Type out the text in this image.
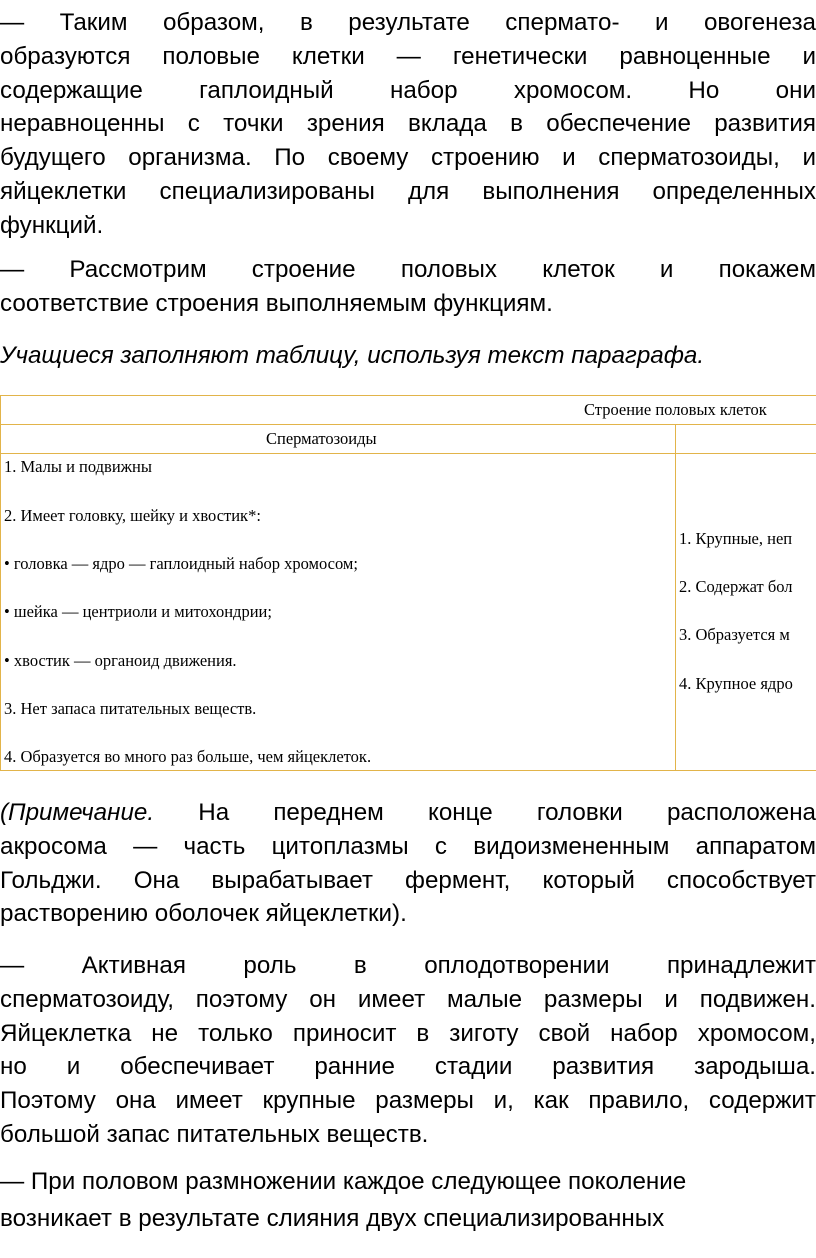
— Таким образом, в результате сперматo- и овогенеза
образуются половые клетки — генетически равноценные и
содержащие гаплоидный набор хромосом. Но они
неравноценны с точки зрения вклада в обеспечение развития
будущего организма. По своему строению и сперматозоиды, и
яйцеклетки специализированы для выполнения определенных
функций.
— Рассмотрим строение половых клеток и покажем
соответствие строения выполняемым функциям.
Учащиеся заполняют таблицу, используя текст параграфа.
Строение половых клеток
Сперматозоиды
1. Малы и подвижны
2. Имеет головку, шейку и хвостик*:
• головка — ядро — гаплоидный набор хромосом;
• шейка — центриоли и митохондрии;
• хвостик — органоид движения.
3. Нет запаса питательных веществ.
4. Образуется во много раз больше, чем яйцеклеток.
1. Крупные, неп
2. Содержат бол
3. Образуется м
4. Крупное ядро
(Примечание. На переднем конце головки расположена
акросома — часть цитоплазмы с видоизмененным аппаратом
Гольджи. Она вырабатывает фермент, который способствует
растворению оболочек яйцеклетки).
— Активная роль в оплодотворении принадлежит
сперматозоиду, поэтому он имеет малые размеры и подвижен.
Яйцеклетка не только приносит в зиготу свой набор хромосом,
но и обеспечивает ранние стадии развития зародыша.
Поэтому она имеет крупные размеры и, как правило, содержит
большой запас питательных веществ.
— При половом размножении каждое следующее поколение
возникает в результате слияния двух специализированных
